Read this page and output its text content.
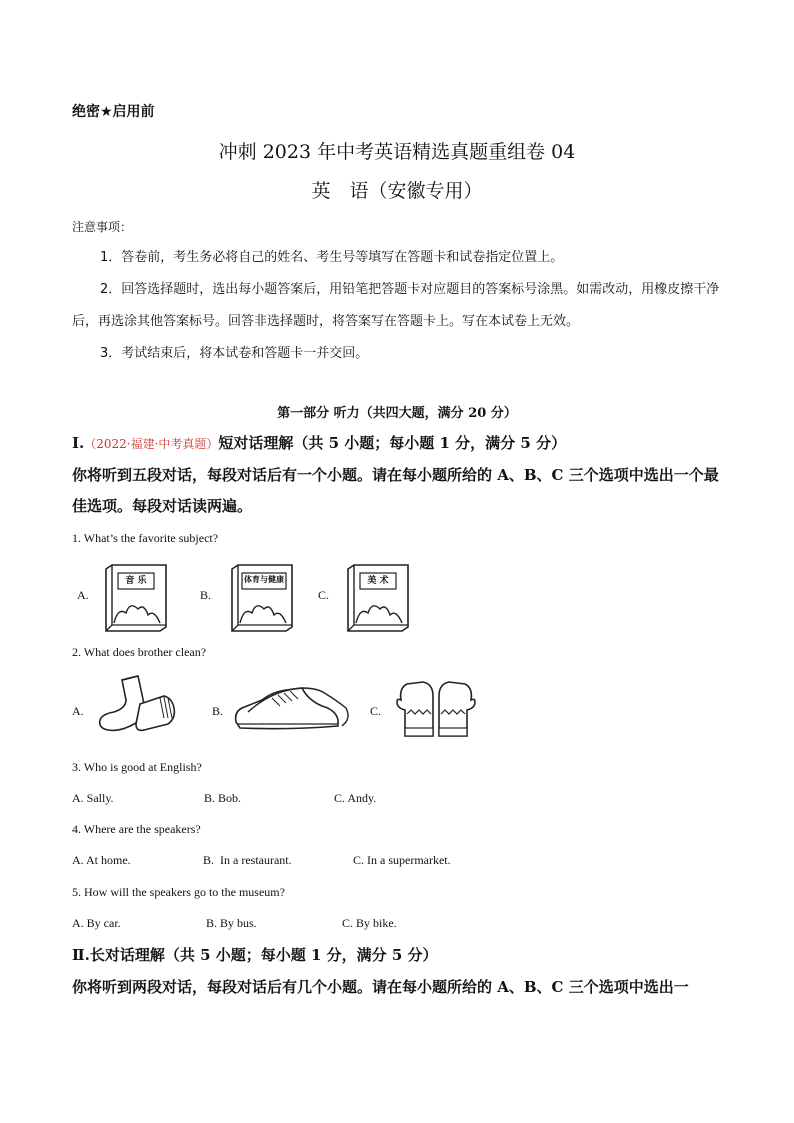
绝密★启用前
冲刺 2023 年中考英语精选真题重组卷 04
英　语（安徽专用）
注意事项：
1．答卷前，考生务必将自己的姓名、考生号等填写在答题卡和试卷指定位置上。
2．回答选择题时，选出每小题答案后，用铅笔把答题卡对应题目的答案标号涂黑。如需改动，用橡皮擦干净后，再选涂其他答案标号。回答非选择题时，将答案写在答题卡上。写在本试卷上无效。
3．考试结束后，将本试卷和答题卡一并交回。
第一部分 听力（共四大题，满分 20 分）
Ⅰ.（2022·福建·中考真题）短对话理解（共 5 小题；每小题 1 分，满分 5 分）
你将听到五段对话，每段对话后有一个小题。请在每小题所给的 A、B、C 三个选项中选出一个最佳选项。每段对话读两遍。
1. What’s the favorite subject?
A.	B.	C.
音 乐	体育与健康	美 术
2. What does brother clean?
A.	B.	C.
3. Who is good at English?
A. Sally.	B. Bob.	C. Andy.
4. Where are the speakers?
A. At home.	B.  In a restaurant.	C. In a supermarket.
5. How will the speakers go to the museum?
A. By car.	B. By bus.	C. By bike.
Ⅱ.长对话理解（共 5 小题；每小题 1 分，满分 5 分）
你将听到两段对话，每段对话后有几个小题。请在每小题所给的 A、B、C 三个选项中选出一
